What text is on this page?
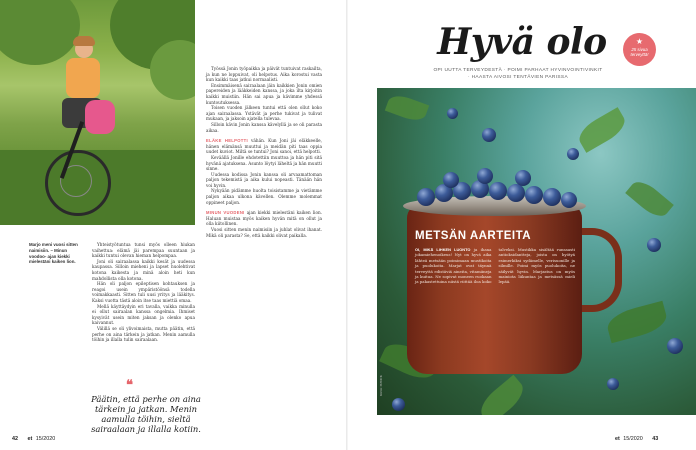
Marjo meni vuosi sitten naimisiin. – Minun voodoo- ajan kiekki mielestäni kaiken lion.

Yhteistyötuntua tunsi myös olleen hiukan vaihettua: elämä jäi parempaa suuntaan ja kaikki tuntui olevan hieman helpompaa.

Joni oli sairaalassa kaikki kesät ja uudessa kaupassa. Silloin mieheni ja lapset huolehtivat kotona kaikesta ja minä aloin heti kun mahdollista olla kotona.

Hän oli paljon epileptisen kohtauksen ja reagoi usein ympäristöönsä todella voimakkaasti. Sitten tuli uusi yritys ja lääkitys. Kaksi vuotta tästä aloin itse taas miettiä omaa.

Mellä käyttäydyin eri tavalla, vaikka minulla ei ollut sairaalan kanssa ongelmia. Ihmiset kysyivät usein miten jaksan ja olenko apua kaivannut.

Välillä se oli ylivoimaista, mutta päätin, että perhe on aina tärkein ja jatkan. Menin aamulla töihin ja illalla tulin sairaalaan.

Työssä Jonin työpaikka ja päivät tuntuivat raskailta, ja kun ne loppuivat, oli helpotus. Aika korostui vasta kun kaikki taas jatkui normaalisti.

Ensimmäisenä sairaalaan jäin kaikkien Jonin omien papereiden ja lääkkeiden kanssa, ja joka ilta kirjoitin kaikki muistiin. Hän sai apua ja kävimme yhdessä kuntoutuksessa.

Toisen vuoden jälkeen tuntui että olen ollut koko ajan sairaalassa. Ystävät ja perhe tukivat ja tulivat mukaan, ja jaksoin ajatella tulevaa.

Silloin kävin Jonin kanssa kävelyllä ja se oli parasta aikaa.

ELÄKE HELPOTTI vähän. Kun Joni jäi eläkkeelle, hänen elämänsä muuttui ja meidän piti taas oppia uudet kuviot. Miltä se tuntui? Joni sanoi, että helpotti.

Keväällä Jonille ehdotettiin muuttoa ja hän piti sitä hyvänä ajatuksena. Asunto löytyi läheltä ja hän muutti sinne.

Uudessa kodissa Jonin kanssa oli arvaamattoman paljon tekemistä ja aika kului nopeasti. Tänään hän voi hyvin.

Nykyään pidämme huolta toisistamme ja vietämme paljon aikaa ulkona kävellen. Olemme molemmat oppineet paljon.

MINUN VUODENI ajan kiekki mielestäni kaiken lion. Haluan muistaa myös kaiken hyvän mitä on ollut ja olla kiitollinen.

Vuosi sitten menin naimisiin ja juhlat olivat ihanat. Mikä oli parasta? Se, että kaikki olivat paikalla.

❝
Päätin, että perhe on aina tärkein ja jatkan. Menin aamulla töihin, sieltä sairaalaan ja illalla kotiin.
42 et 15/2020
Hyvä olo
OPI UUTTA TERVEYDESTÄ · POIMI PARHAAT HYVINVOINTIVINKIT
· HAASTA AIVOSI TENTÄVIEN PARISSA
★
25 sivua terveyttä!
METSÄN AARTEITA
OI, MIKÄ LIHKEN LUONTO ja ihana jokamiehenoikeus! Nyt on hyvä aika lähteä metsään poimimaan mustikoita ja puolukoita. Marjat ovat täynnä terveyttä edistäviä aineita, vitamiineja ja kuitua. Ne sopivat moneen ruokaan ja pakastettuina niistä riittää iloa koko talveksi. Mustikka sisältää runsaasti antioksidantteja, joista on hyötyä esimerkiksi sydämelle, verisuonille ja silmille. Poimi myös puolukoita, ne säilyvät hyvin. Marjastus on myös mainiota liikuntaa ja metsässä mieli lepää.
KUVA: ISTOCK
et 15/2020 43
